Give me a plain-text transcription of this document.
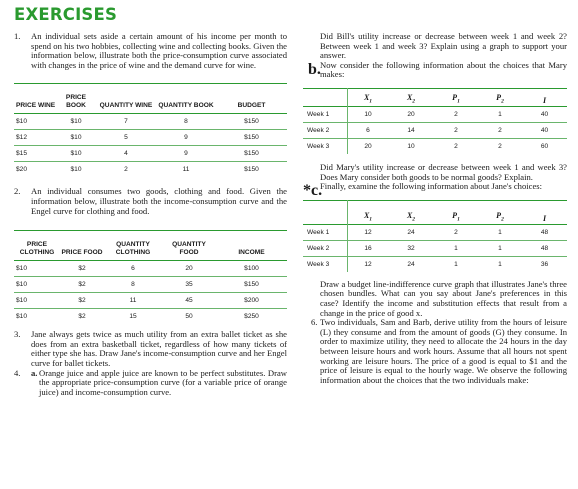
EXERCISES
1. An individual sets aside a certain amount of his income per month to spend on his two hobbies, collecting wine and collecting books. Given the information below, illustrate both the price-consumption curve associated with changes in the price of wine and the demand curve for wine.

PRICE WINE	PRICE BOOK	QUANTITY WINE	QUANTITY BOOK	BUDGET
$10	$10	7	8	$150
$12	$10	5	9	$150
$15	$10	4	9	$150
$20	$10	2	11	$150
2. An individual consumes two goods, clothing and food. Given the information below, illustrate both the income-consumption curve and the Engel curve for clothing and food.

PRICE CLOTHING	PRICE FOOD	QUANTITY CLOTHING	QUANTITY FOOD	INCOME
$10	$2	6	20	$100
$10	$2	8	35	$150
$10	$2	11	45	$200
$10	$2	15	50	$250
3. Jane always gets twice as much utility from an extra ballet ticket as she does from an extra basketball ticket, regardless of how many tickets of either type she has. Draw Jane's income-consumption curve and her Engel curve for ballet tickets.

4. a. Orange juice and apple juice are known to be perfect substitutes. Draw the appropriate price-consumption curve (for a variable price of orange juice) and income-consumption curve.

Did Bill's utility increase or decrease between week 1 and week 2? Between week 1 and week 3? Explain using a graph to support your answer.

b. Now consider the following information about the choices that Mary makes:

	$X_1$	$X_2$	$P_1$	$P_2$	I
Week 1	10	20	2	1	40
Week 2	6	14	2	2	40
Week 3	20	10	2	2	60

Did Mary's utility increase or decrease between week 1 and week 3? Does Mary consider both goods to be normal goods? Explain.

*c.

Finally, examine the following information about Jane's choices:

	$X_1$	$X_2$	$P_1$	$P_2$	I
Week 1	12	24	2	1	48
Week 2	16	32	1	1	48
Week 3	12	24	1	1	36

Draw a budget line-indifference curve graph that illustrates Jane's three chosen bundles. What can you say about Jane's preferences in this case? Identify the income and substitution effects that result from a change in the price of good x.

6. Two individuals, Sam and Barb, derive utility from the hours of leisure (L) they consume and from the amount of goods (G) they consume. In order to maximize utility, they need to allocate the 24 hours in the day between leisure hours and work hours. Assume that all hours not spent working are leisure hours. The price of a good is equal to $1 and the price of leisure is equal to the hourly wage. We observe the following information about the choices that the two individuals make:
